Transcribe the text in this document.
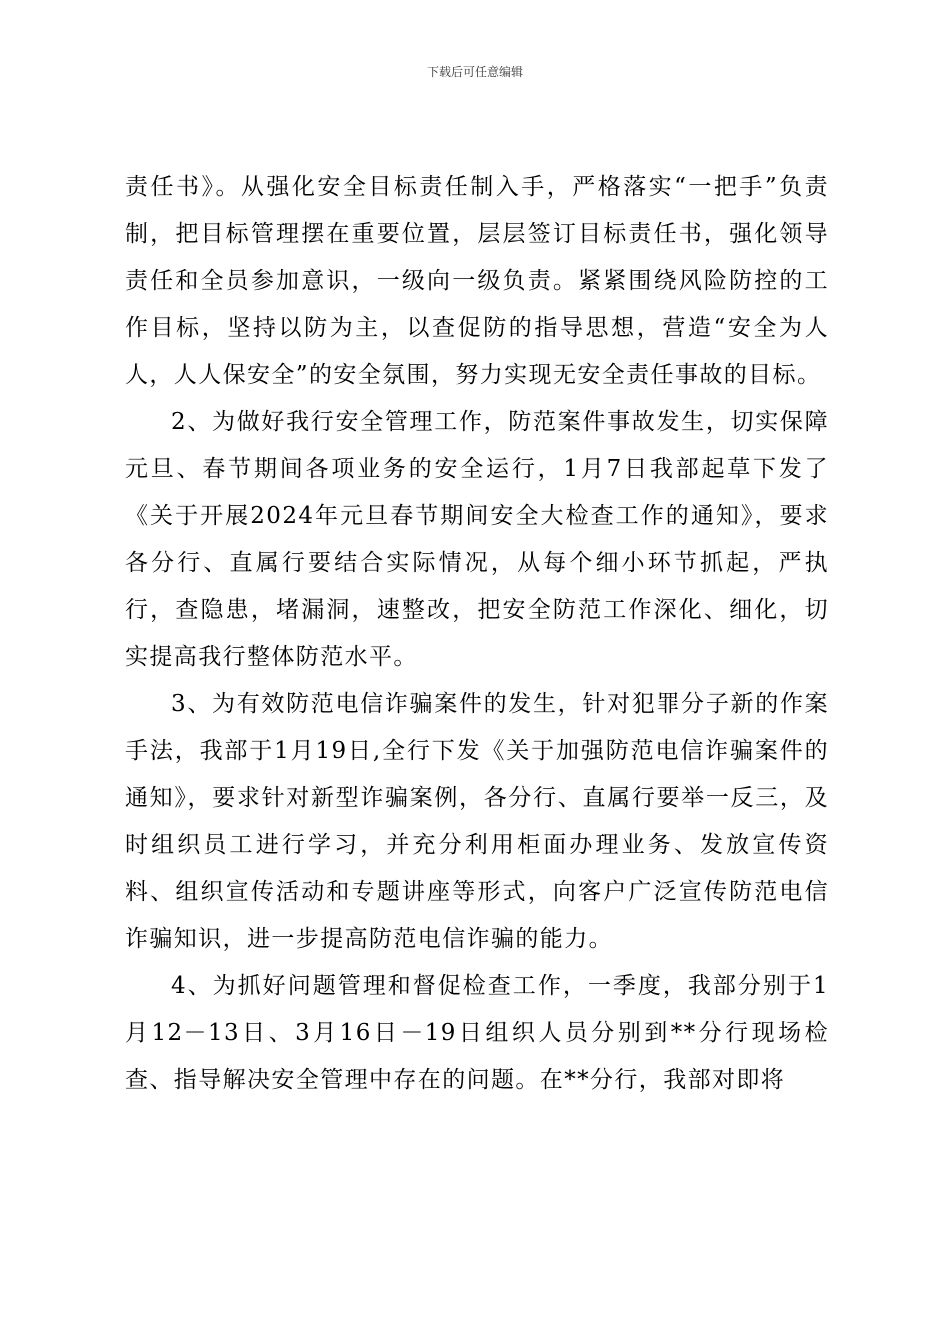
下载后可任意编辑

责任书》。从强化安全目标责任制入手，严格落实“一把手”负责制，把目标管理摆在重要位置，层层签订目标责任书，强化领导责任和全员参加意识，一级向一级负责。紧紧围绕风险防控的工作目标，坚持以防为主，以查促防的指导思想，营造“安全为人人，人人保安全”的安全氛围，努力实现无安全责任事故的目标。

2、为做好我行安全管理工作，防范案件事故发生，切实保障元旦、春节期间各项业务的安全运行，1月7日我部起草下发了《关于开展2024年元旦春节期间安全大检查工作的通知》，要求各分行、直属行要结合实际情况，从每个细小环节抓起，严执行，查隐患，堵漏洞，速整改，把安全防范工作深化、细化，切实提高我行整体防范水平。

3、为有效防范电信诈骗案件的发生，针对犯罪分子新的作案手法，我部于1月19日,全行下发《关于加强防范电信诈骗案件的通知》，要求针对新型诈骗案例，各分行、直属行要举一反三，及时组织员工进行学习，并充分利用柜面办理业务、发放宣传资料、组织宣传活动和专题讲座等形式，向客户广泛宣传防范电信诈骗知识，进一步提高防范电信诈骗的能力。

4、为抓好问题管理和督促检查工作，一季度，我部分别于1月12－13日、3月16日－19日组织人员分别到**分行现场检查、指导解决安全管理中存在的问题。在**分行，我部对即将
